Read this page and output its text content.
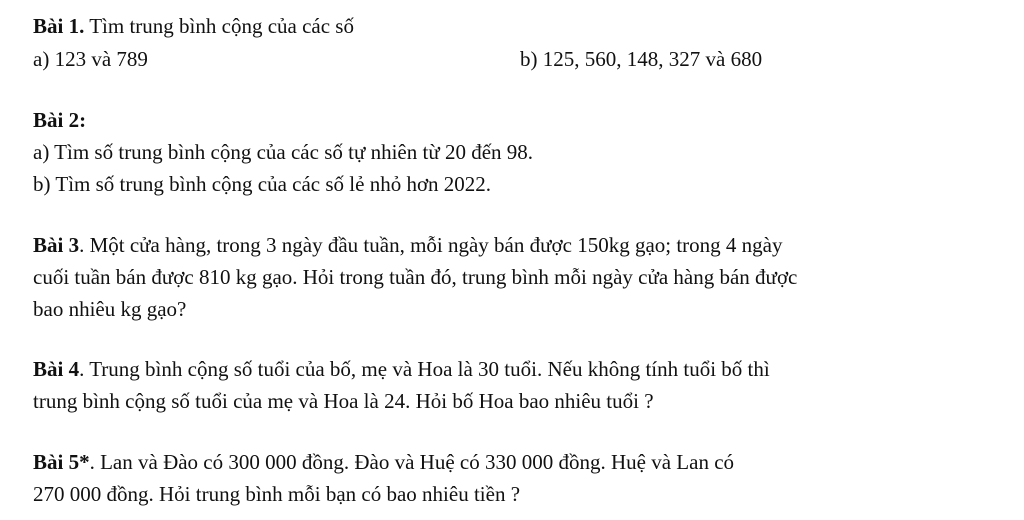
Bài 1. Tìm trung bình cộng của các số
a) 123 và 789	b) 125, 560, 148, 327 và 680
Bài 2:
a) Tìm số trung bình cộng của các số tự nhiên từ 20 đến 98.
b) Tìm số trung bình cộng của các số lẻ nhỏ hơn 2022.
Bài 3. Một cửa hàng, trong 3 ngày đầu tuần, mỗi ngày bán được 150kg gạo; trong 4 ngày
cuối tuần bán được 810 kg gạo. Hỏi trong tuần đó, trung bình mỗi ngày cửa hàng bán được
bao nhiêu kg gạo?
Bài 4. Trung bình cộng số tuổi của bố, mẹ và Hoa là 30 tuổi. Nếu không tính tuổi bố thì
trung bình cộng số tuổi của mẹ và Hoa là 24. Hỏi bố Hoa bao nhiêu tuổi ?
Bài 5*. Lan và Đào có 300 000 đồng. Đào và Huệ có 330 000 đồng. Huệ và Lan có
270 000 đồng. Hỏi trung bình mỗi bạn có bao nhiêu tiền ?
